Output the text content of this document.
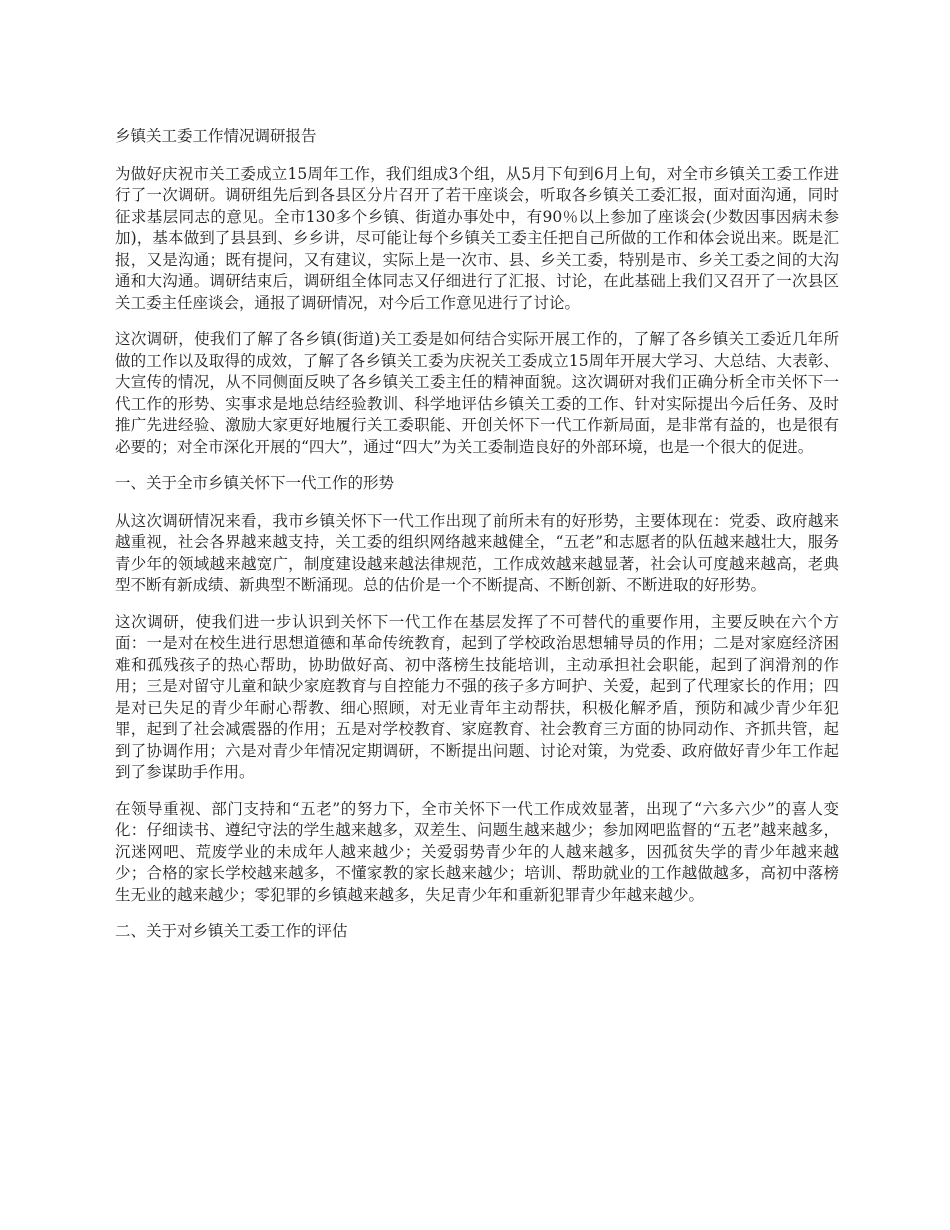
乡镇关工委工作情况调研报告

为做好庆祝市关工委成立15周年工作，我们组成3个组，从5月下旬到6月上旬，对全市乡镇关工委工作进行了一次调研。调研组先后到各县区分片召开了若干座谈会，听取各乡镇关工委汇报，面对面沟通，同时征求基层同志的意见。全市130多个乡镇、街道办事处中，有90％以上参加了座谈会(少数因事因病未参加)，基本做到了县县到、乡乡讲，尽可能让每个乡镇关工委主任把自己所做的工作和体会说出来。既是汇报，又是沟通；既有提问，又有建议，实际上是一次市、县、乡关工委，特别是市、乡关工委之间的大沟通和大沟通。调研结束后，调研组全体同志又仔细进行了汇报、讨论，在此基础上我们又召开了一次县区关工委主任座谈会，通报了调研情况，对今后工作意见进行了讨论。

这次调研，使我们了解了各乡镇(街道)关工委是如何结合实际开展工作的，了解了各乡镇关工委近几年所做的工作以及取得的成效，了解了各乡镇关工委为庆祝关工委成立15周年开展大学习、大总结、大表彰、大宣传的情况，从不同侧面反映了各乡镇关工委主任的精神面貌。这次调研对我们正确分析全市关怀下一代工作的形势、实事求是地总结经验教训、科学地评估乡镇关工委的工作、针对实际提出今后任务、及时推广先进经验、激励大家更好地履行关工委职能、开创关怀下一代工作新局面，是非常有益的，也是很有必要的；对全市深化开展的“四大”，通过“四大”为关工委制造良好的外部环境，也是一个很大的促进。

一、关于全市乡镇关怀下一代工作的形势

从这次调研情况来看，我市乡镇关怀下一代工作出现了前所未有的好形势，主要体现在：党委、政府越来越重视，社会各界越来越支持，关工委的组织网络越来越健全，“五老”和志愿者的队伍越来越壮大，服务青少年的领域越来越宽广，制度建设越来越法律规范，工作成效越来越显著，社会认可度越来越高，老典型不断有新成绩、新典型不断涌现。总的估价是一个不断提高、不断创新、不断进取的好形势。

这次调研，使我们进一步认识到关怀下一代工作在基层发挥了不可替代的重要作用，主要反映在六个方面：一是对在校生进行思想道德和革命传统教育，起到了学校政治思想辅导员的作用；二是对家庭经济困难和孤残孩子的热心帮助，协助做好高、初中落榜生技能培训，主动承担社会职能，起到了润滑剂的作用；三是对留守儿童和缺少家庭教育与自控能力不强的孩子多方呵护、关爱，起到了代理家长的作用；四是对已失足的青少年耐心帮教、细心照顾，对无业青年主动帮扶，积极化解矛盾，预防和减少青少年犯罪，起到了社会减震器的作用；五是对学校教育、家庭教育、社会教育三方面的协同动作、齐抓共管，起到了协调作用；六是对青少年情况定期调研，不断提出问题、讨论对策，为党委、政府做好青少年工作起到了参谋助手作用。

在领导重视、部门支持和“五老”的努力下，全市关怀下一代工作成效显著，出现了“六多六少”的喜人变化：仔细读书、遵纪守法的学生越来越多，双差生、问题生越来越少；参加网吧监督的“五老”越来越多，沉迷网吧、荒废学业的未成年人越来越少；关爱弱势青少年的人越来越多，因孤贫失学的青少年越来越少；合格的家长学校越来越多，不懂家教的家长越来越少；培训、帮助就业的工作越做越多，高初中落榜生无业的越来越少；零犯罪的乡镇越来越多，失足青少年和重新犯罪青少年越来越少。

二、关于对乡镇关工委工作的评估
